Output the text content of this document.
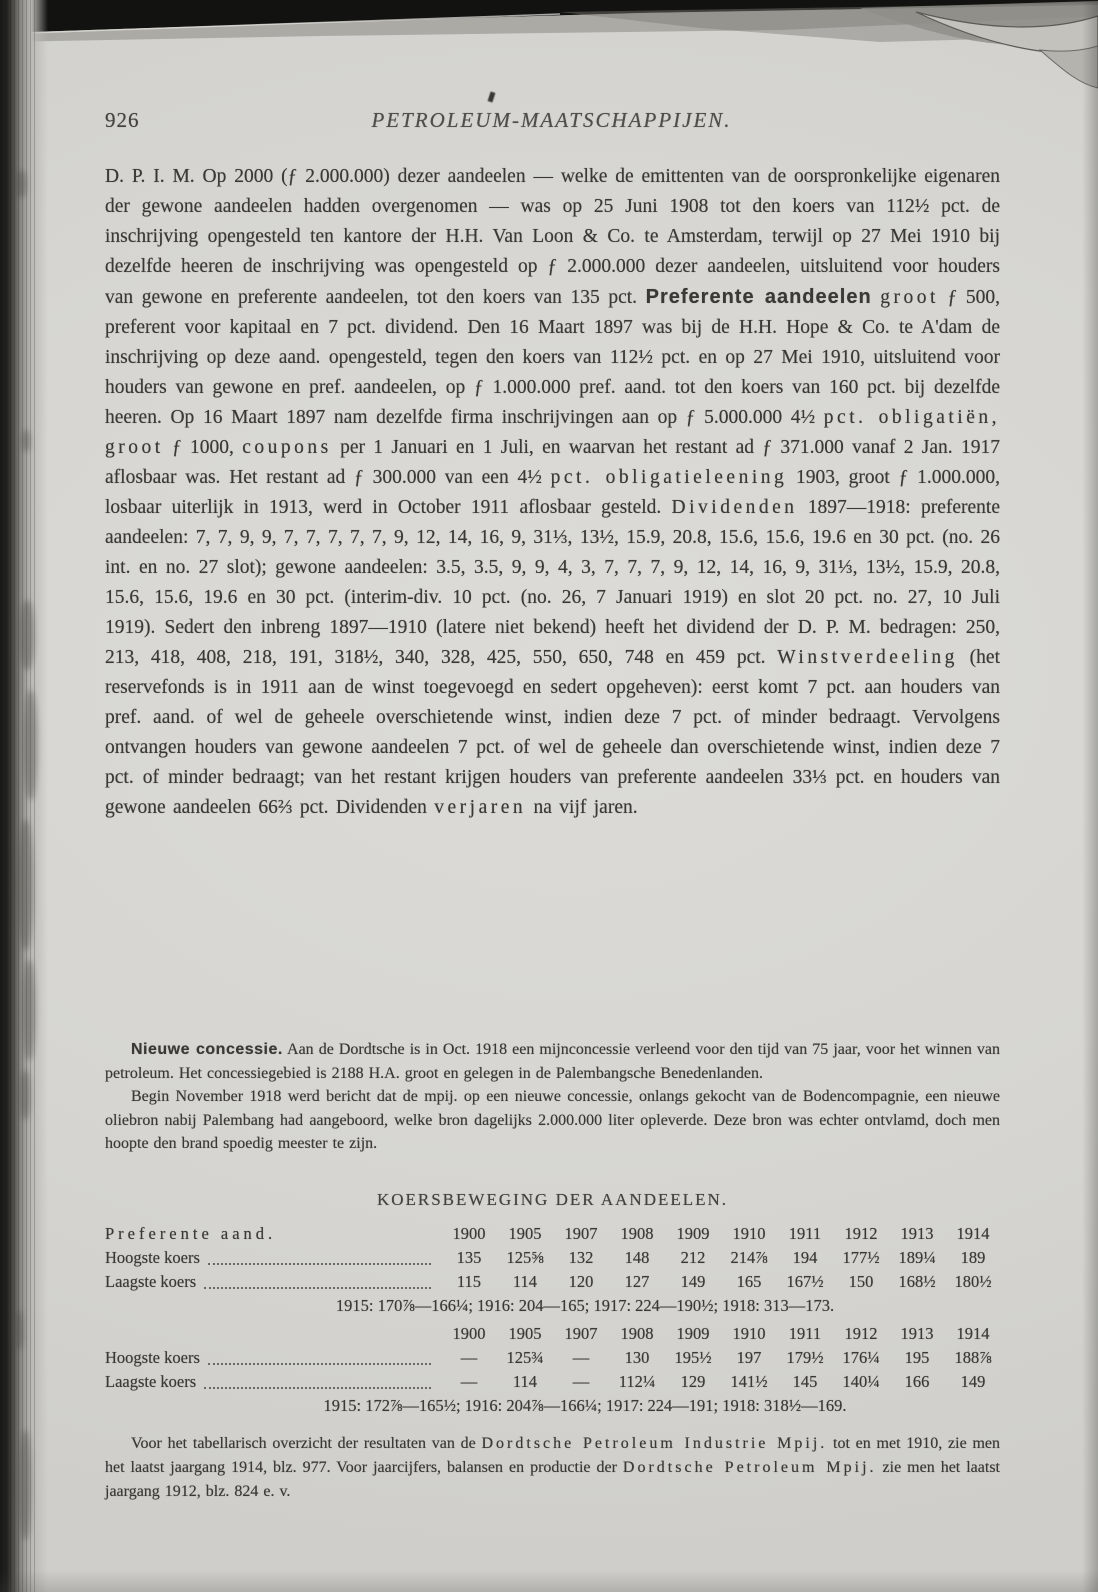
926	PETROLEUM-MAATSCHAPPIJEN.
D. P. I. M. Op 2000 (ƒ 2.000.000) dezer aandeelen — welke de emittenten van de oorspronkelijke eigenaren der gewone aandeelen hadden overgenomen — was op 25 Juni 1908 tot den koers van 112½ pct. de inschrijving opengesteld ten kantore der H.H. Van Loon & Co. te Amsterdam, terwijl op 27 Mei 1910 bij dezelfde heeren de inschrijving was opengesteld op ƒ 2.000.000 dezer aandeelen, uitsluitend voor houders van gewone en preferente aandeelen, tot den koers van 135 pct. Preferente aandeelen groot ƒ 500, preferent voor kapitaal en 7 pct. dividend. Den 16 Maart 1897 was bij de H.H. Hope & Co. te A'dam de inschrijving op deze aand. opengesteld, tegen den koers van 112½ pct. en op 27 Mei 1910, uitsluitend voor houders van gewone en pref. aandeelen, op ƒ 1.000.000 pref. aand. tot den koers van 160 pct. bij dezelfde heeren. Op 16 Maart 1897 nam dezelfde firma inschrijvingen aan op ƒ 5.000.000 4½ pct. obligatiën, groot ƒ 1000, coupons per 1 Januari en 1 Juli, en waarvan het restant ad ƒ 371.000 vanaf 2 Jan. 1917 aflosbaar was. Het restant ad ƒ 300.000 van een 4½ pct. obligatieleening 1903, groot ƒ 1.000.000, losbaar uiterlijk in 1913, werd in October 1911 aflosbaar gesteld. Dividenden 1897—1918: preferente aandeelen: 7, 7, 9, 9, 7, 7, 7, 7, 7, 9, 12, 14, 16, 9, 31⅓, 13½, 15.9, 20.8, 15.6, 15.6, 19.6 en 30 pct. (no. 26 int. en no. 27 slot); gewone aandeelen: 3.5, 3.5, 9, 9, 4, 3, 7, 7, 7, 9, 12, 14, 16, 9, 31⅓, 13½, 15.9, 20.8, 15.6, 15.6, 19.6 en 30 pct. (interim-div. 10 pct. (no. 26, 7 Januari 1919) en slot 20 pct. no. 27, 10 Juli 1919). Sedert den inbreng 1897—1910 (latere niet bekend) heeft het dividend der D. P. M. bedragen: 250, 213, 418, 408, 218, 191, 318½, 340, 328, 425, 550, 650, 748 en 459 pct. Winstverdeeling (het reservefonds is in 1911 aan de winst toegevoegd en sedert opgeheven): eerst komt 7 pct. aan houders van pref. aand. of wel de geheele overschietende winst, indien deze 7 pct. of minder bedraagt. Vervolgens ontvangen houders van gewone aandeelen 7 pct. of wel de geheele dan overschietende winst, indien deze 7 pct. of minder bedraagt; van het restant krijgen houders van preferente aandeelen 33⅓ pct. en houders van gewone aandeelen 66⅔ pct. Dividenden verjaren na vijf jaren.

Nieuwe concessie. Aan de Dordtsche is in Oct. 1918 een mijnconcessie verleend voor den tijd van 75 jaar, voor het winnen van petroleum. Het concessiegebied is 2188 H.A. groot en gelegen in de Palembangsche Benedenlanden.

Begin November 1918 werd bericht dat de mpij. op een nieuwe concessie, onlangs gekocht van de Bodencompagnie, een nieuwe oliebron nabij Palembang had aangeboord, welke bron dagelijks 2.000.000 liter opleverde. Deze bron was echter ontvlamd, doch men hoopte den brand spoedig meester te zijn.

KOERSBEWEGING DER AANDEELEN.
Preferente aand.	1900	1905	1907	1908	1909	1910	1911	1912	1913	1914
Hoogste koers	135	125⅝	132	148	212	214⅞	194	177½	189¼	189
Laagste koers	115	114	120	127	149	165	167½	150	168½	180½
1915: 170⅞—166¼; 1916: 204—165; 1917: 224—190½; 1918: 313—173.
1900	1905	1907	1908	1909	1910	1911	1912	1913	1914
Hoogste koers	—	125¾	—	130	195½	197	179½	176¼	195	188⅞
Laagste koers	—	114	—	112¼	129	141½	145	140¼	166	149
1915: 172⅞—165½; 1916: 204⅞—166¼; 1917: 224—191; 1918: 318½—169.
Voor het tabellarisch overzicht der resultaten van de Dordtsche Petroleum Industrie Mpij. tot en met 1910, zie men het laatst jaargang 1914, blz. 977. Voor jaarcijfers, balansen en productie der Dordtsche Petroleum Mpij. zie men het laatst jaargang 1912, blz. 824 e. v.
